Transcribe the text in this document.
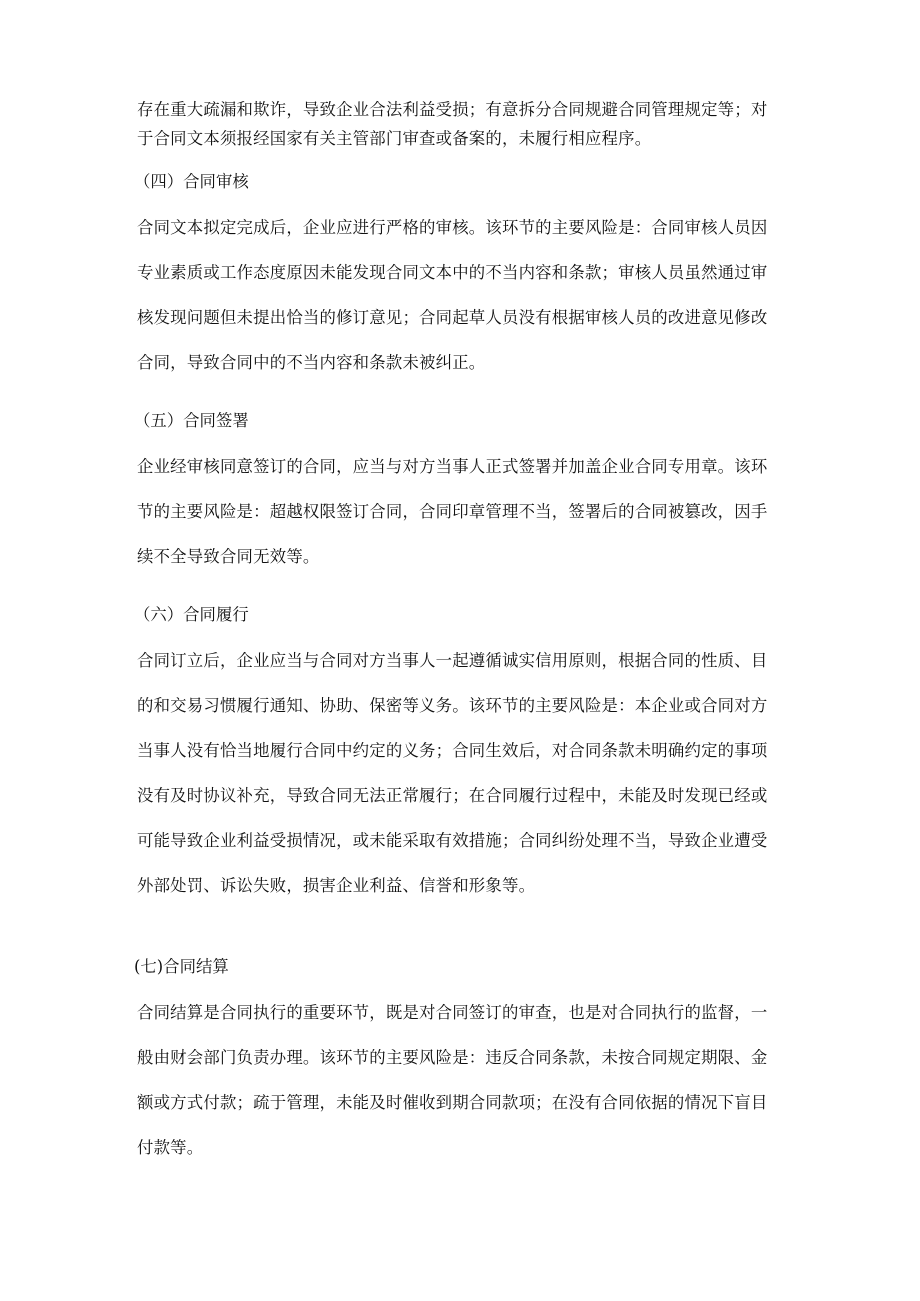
存在重大疏漏和欺诈，导致企业合法利益受损；有意拆分合同规避合同管理规定等；对
于合同文本须报经国家有关主管部门审查或备案的，未履行相应程序。

（四）合同审核

合同文本拟定完成后，企业应进行严格的审核。该环节的主要风险是：合同审核人员因
专业素质或工作态度原因未能发现合同文本中的不当内容和条款；审核人员虽然通过审
核发现问题但未提出恰当的修订意见；合同起草人员没有根据审核人员的改进意见修改
合同，导致合同中的不当内容和条款未被纠正。

（五）合同签署

企业经审核同意签订的合同，应当与对方当事人正式签署并加盖企业合同专用章。该环
节的主要风险是：超越权限签订合同，合同印章管理不当，签署后的合同被篡改，因手
续不全导致合同无效等。

（六）合同履行

合同订立后，企业应当与合同对方当事人一起遵循诚实信用原则，根据合同的性质、目
的和交易习惯履行通知、协助、保密等义务。该环节的主要风险是：本企业或合同对方
当事人没有恰当地履行合同中约定的义务；合同生效后，对合同条款未明确约定的事项
没有及时协议补充，导致合同无法正常履行；在合同履行过程中，未能及时发现已经或
可能导致企业利益受损情况，或未能采取有效措施；合同纠纷处理不当，导致企业遭受
外部处罚、诉讼失败，损害企业利益、信誉和形象等。

(七)合同结算

合同结算是合同执行的重要环节，既是对合同签订的审查，也是对合同执行的监督，一
般由财会部门负责办理。该环节的主要风险是：违反合同条款，未按合同规定期限、金
额或方式付款；疏于管理，未能及时催收到期合同款项；在没有合同依据的情况下盲目
付款等。
